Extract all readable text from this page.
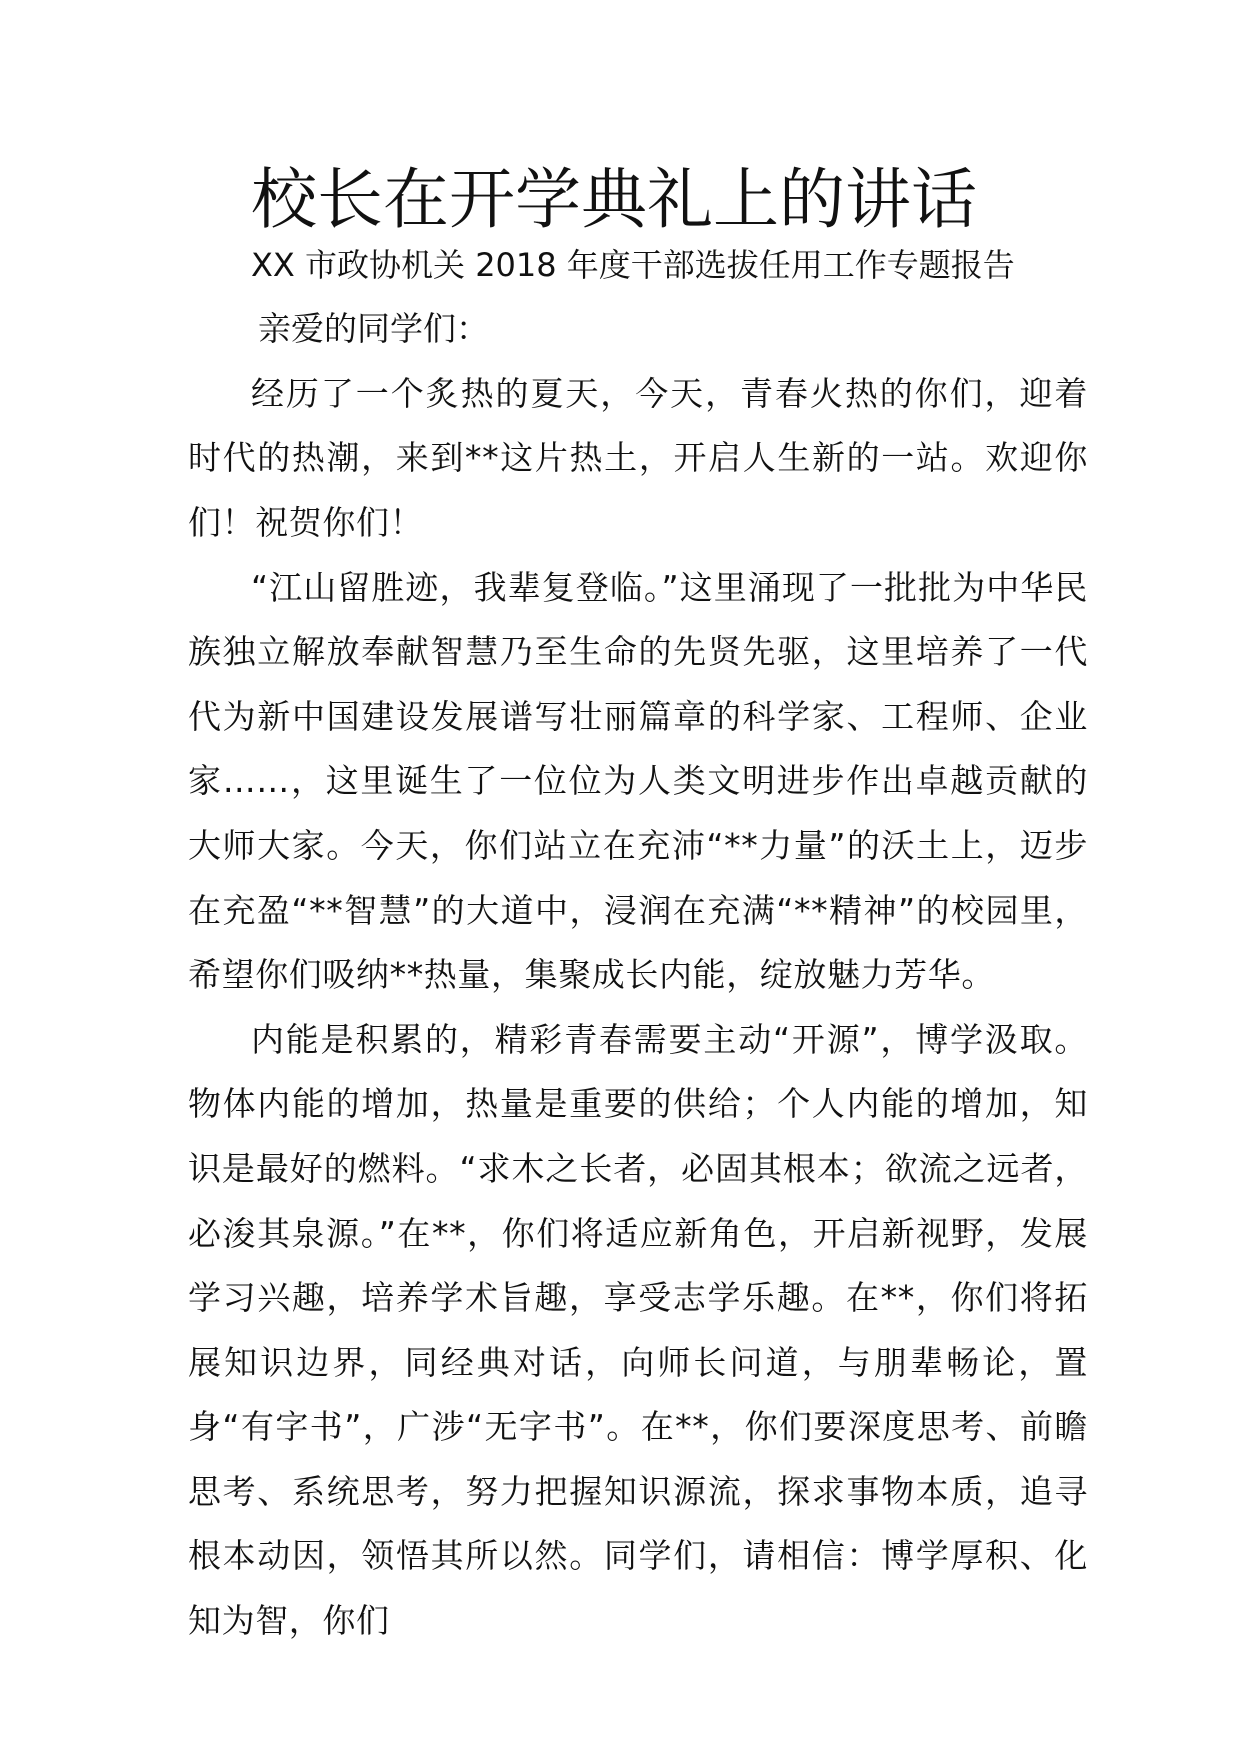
校长在开学典礼上的讲话
XX 市政协机关 2018 年度干部选拔任用工作专题报告

亲爱的同学们：

经历了一个炙热的夏天，今天，青春火热的你们，迎着时代的热潮，来到**这片热土，开启人生新的一站。欢迎你们！祝贺你们！

“江山留胜迹，我辈复登临。”这里涌现了一批批为中华民族独立解放奉献智慧乃至生命的先贤先驱，这里培养了一代代为新中国建设发展谱写壮丽篇章的科学家、工程师、企业家……，这里诞生了一位位为人类文明进步作出卓越贡献的大师大家。今天，你们站立在充沛“**力量”的沃土上，迈步在充盈“**智慧”的大道中，浸润在充满“**精神”的校园里，希望你们吸纳**热量，集聚成长内能，绽放魅力芳华。

内能是积累的，精彩青春需要主动“开源”，博学汲取。物体内能的增加，热量是重要的供给；个人内能的增加，知识是最好的燃料。“求木之长者，必固其根本；欲流之远者，必浚其泉源。”在**，你们将适应新角色，开启新视野，发展学习兴趣，培养学术旨趣，享受志学乐趣。在**，你们将拓展知识边界，同经典对话，向师长问道，与朋辈畅论，置身“有字书”，广涉“无字书”。在**，你们要深度思考、前瞻思考、系统思考，努力把握知识源流，探求事物本质，追寻根本动因，领悟其所以然。同学们，请相信：博学厚积、化知为智，你们
